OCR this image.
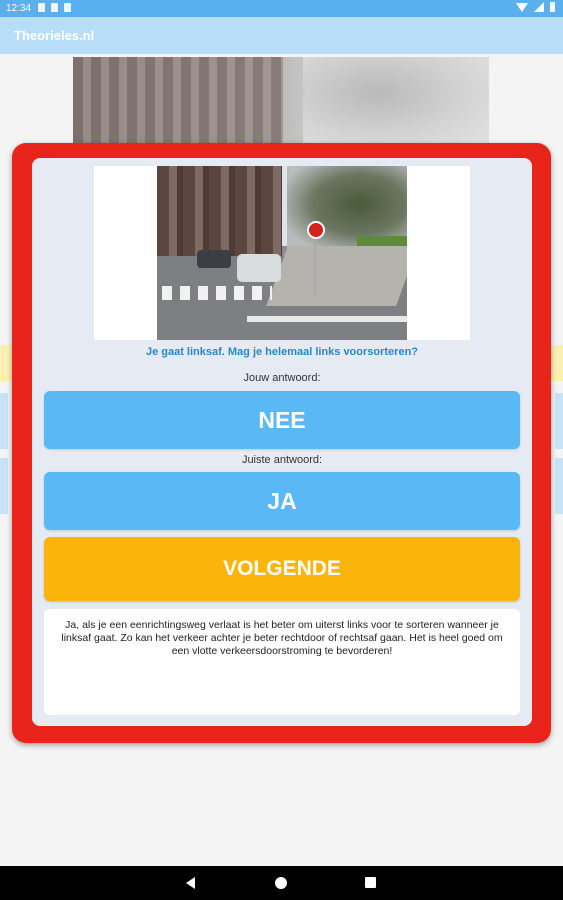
12:34
Theorieles.nl
Je gaat linksaf. Mag je helemaal links voorsorteren?
Jouw antwoord:
NEE
Juiste antwoord:
JA
VOLGENDE
Ja, als je een eenrichtingsweg verlaat is het beter om uiterst links voor te sorteren wanneer je linksaf gaat. Zo kan het verkeer achter je beter rechtdoor of rechtsaf gaan. Het is heel goed om een vlotte verkeersdoorstroming te bevorderen!
